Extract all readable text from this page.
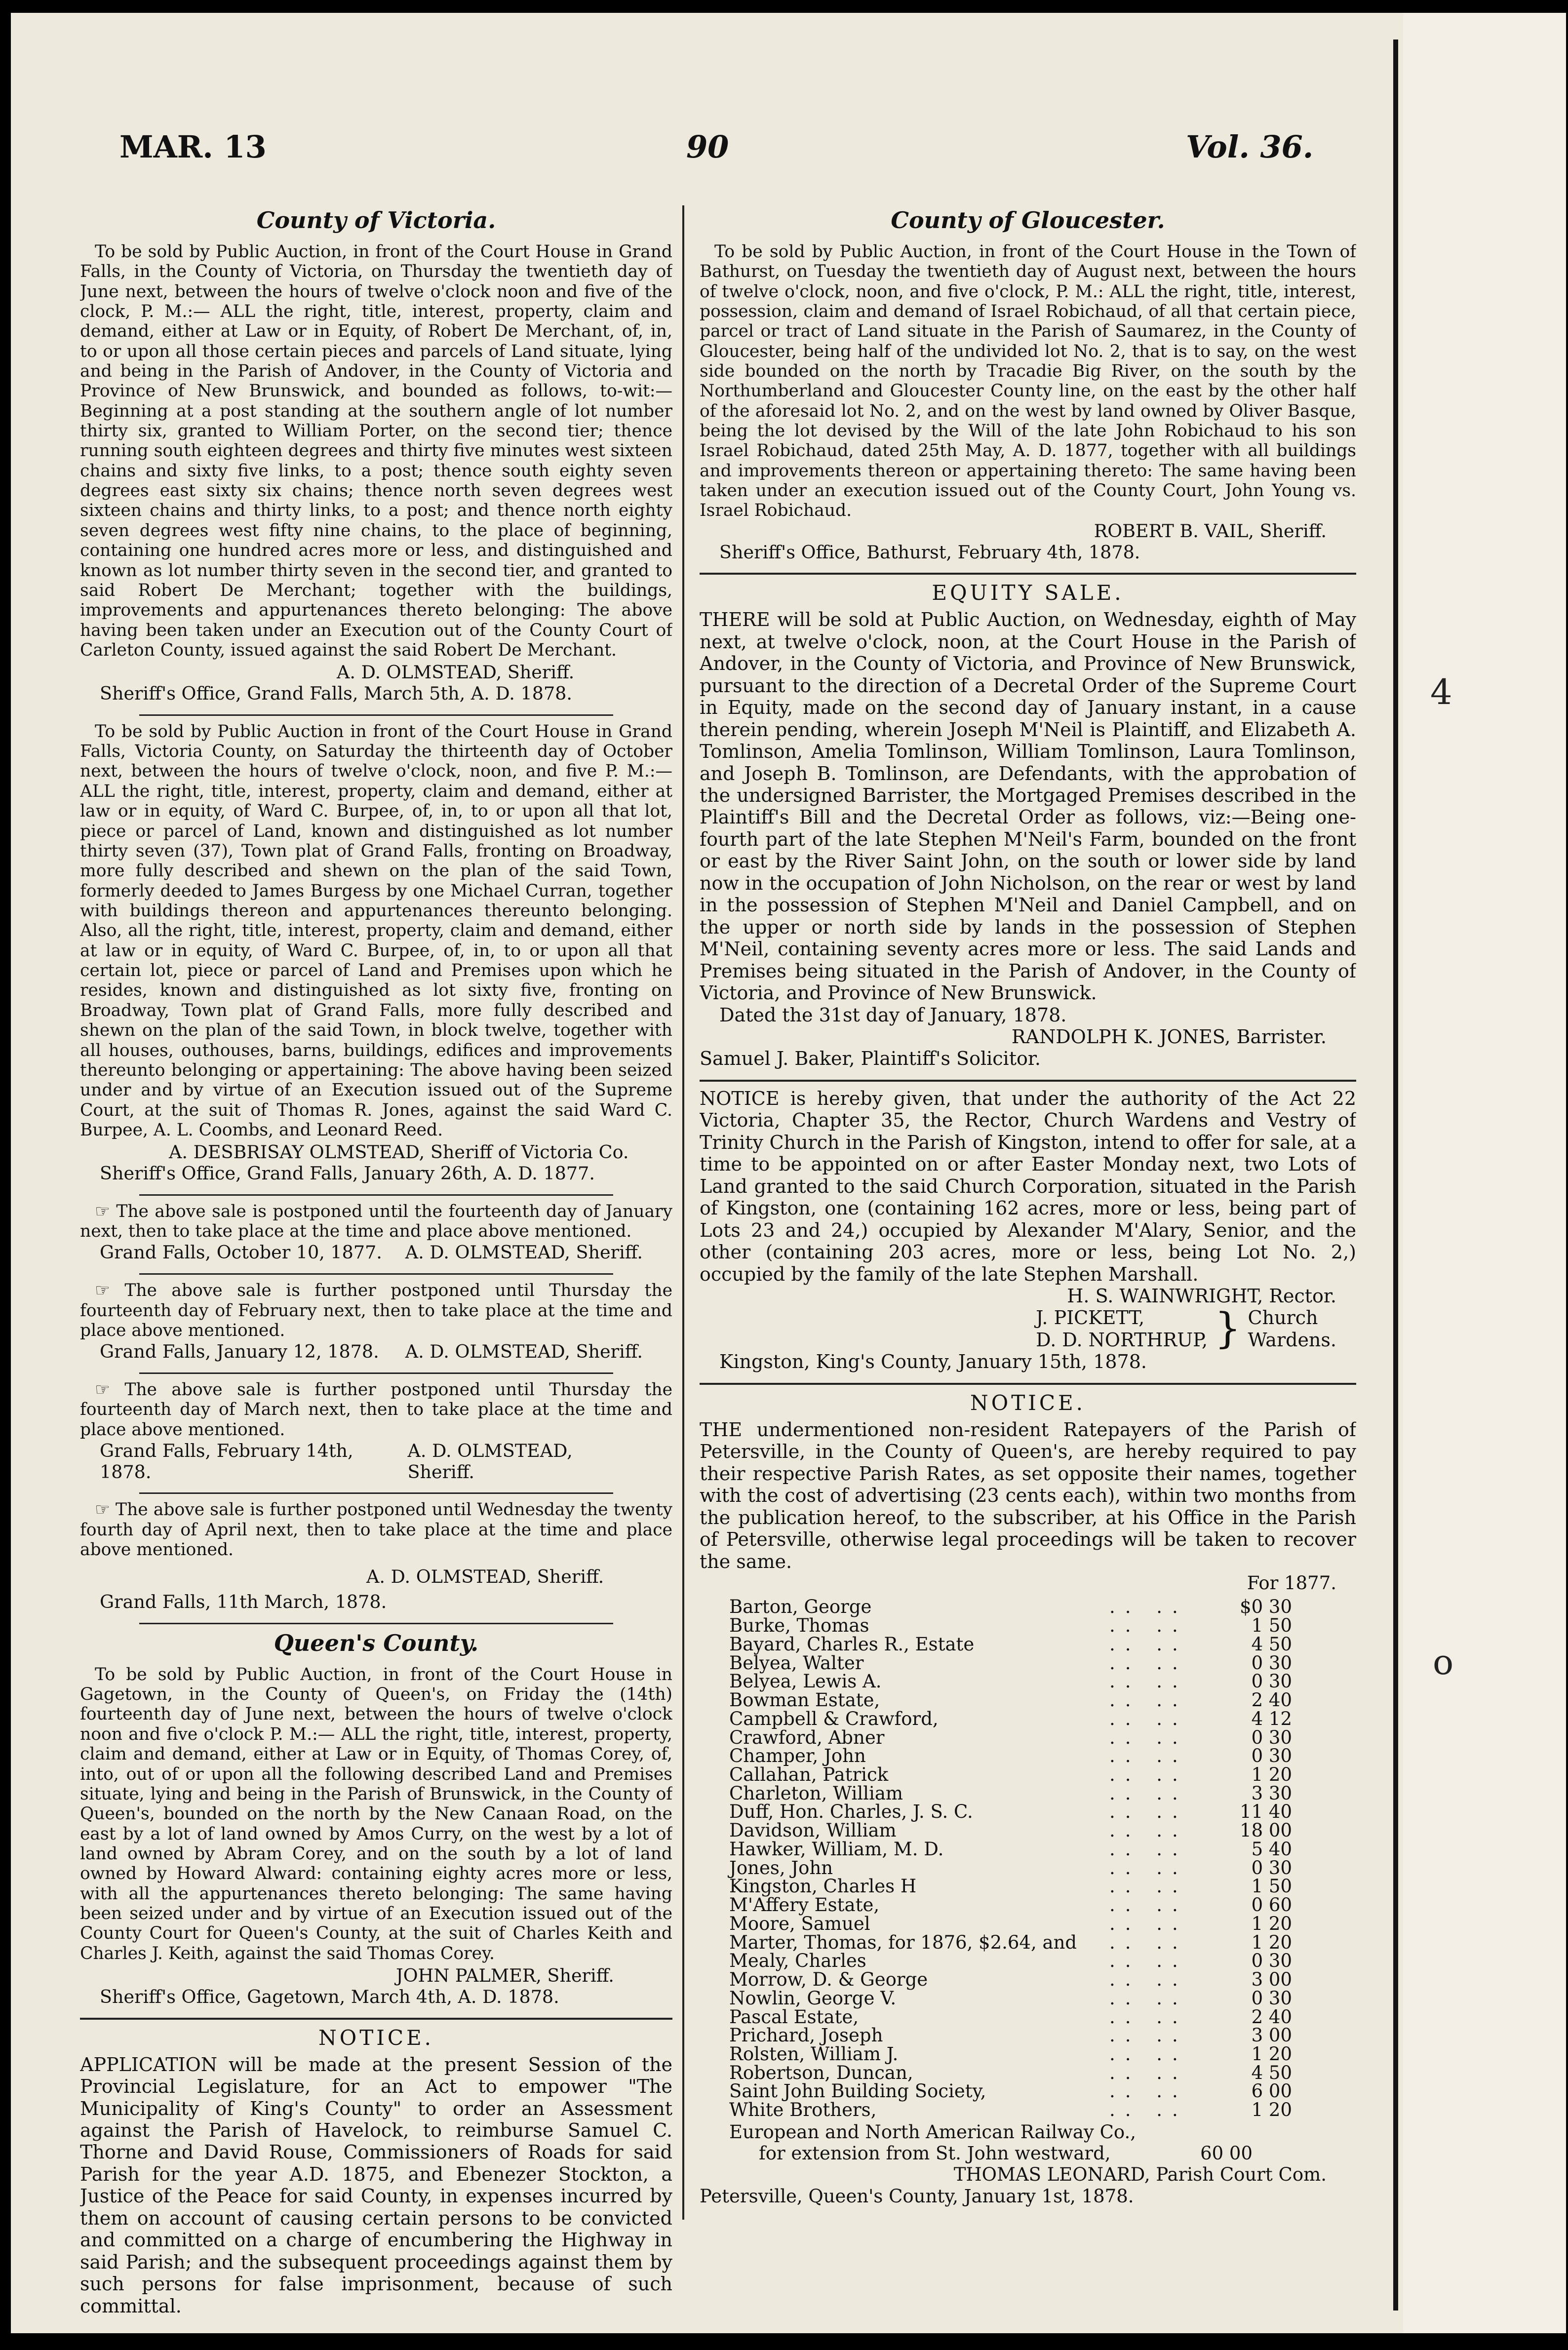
MAR. 13	90	Vol. 36.
County of Victoria.

To be sold by Public Auction, in front of the Court House in Grand Falls, in the County of Victoria, on Thursday the twentieth day of June next, between the hours of twelve o'clock noon and five of the clock, P. M.:— ALL the right, title, interest, property, claim and demand, either at Law or in Equity, of Robert De Merchant, of, in, to or upon all those certain pieces and parcels of Land situate, lying and being in the Parish of Andover, in the County of Victoria and Province of New Brunswick, and bounded as follows, to-wit:—Beginning at a post standing at the southern angle of lot number thirty six, granted to William Porter, on the second tier; thence running south eighteen degrees and thirty five minutes west sixteen chains and sixty five links, to a post; thence south eighty seven degrees east sixty six chains; thence north seven degrees west sixteen chains and thirty links, to a post; and thence north eighty seven degrees west fifty nine chains, to the place of beginning, containing one hundred acres more or less, and distinguished and known as lot number thirty seven in the second tier, and granted to said Robert De Merchant; together with the buildings, improvements and appurtenances thereto belonging: The above having been taken under an Execution out of the County Court of Carleton County, issued against the said Robert De Merchant.

A. D. OLMSTEAD, Sheriff.

Sheriff's Office, Grand Falls, March 5th, A. D. 1878.

To be sold by Public Auction in front of the Court House in Grand Falls, Victoria County, on Saturday the thirteenth day of October next, between the hours of twelve o'clock, noon, and five P. M.:— ALL the right, title, interest, property, claim and demand, either at law or in equity, of Ward C. Burpee, of, in, to or upon all that lot, piece or parcel of Land, known and distinguished as lot number thirty seven (37), Town plat of Grand Falls, fronting on Broadway, more fully described and shewn on the plan of the said Town, formerly deeded to James Burgess by one Michael Curran, together with buildings thereon and appurtenances thereunto belonging. Also, all the right, title, interest, property, claim and demand, either at law or in equity, of Ward C. Burpee, of, in, to or upon all that certain lot, piece or parcel of Land and Premises upon which he resides, known and distinguished as lot sixty five, fronting on Broadway, Town plat of Grand Falls, more fully described and shewn on the plan of the said Town, in block twelve, together with all houses, outhouses, barns, buildings, edifices and improvements thereunto belonging or appertaining: The above having been seized under and by virtue of an Execution issued out of the Supreme Court, at the suit of Thomas R. Jones, against the said Ward C. Burpee, A. L. Coombs, and Leonard Reed.

A. DESBRISAY OLMSTEAD, Sheriff of Victoria Co.

Sheriff's Office, Grand Falls, January 26th, A. D. 1877.

☞ The above sale is postponed until the fourteenth day of January next, then to take place at the time and place above mentioned.

Grand Falls, October 10, 1877. A. D. OLMSTEAD, Sheriff.

☞ The above sale is further postponed until Thursday the fourteenth day of February next, then to take place at the time and place above mentioned.

Grand Falls, January 12, 1878. A. D. OLMSTEAD, Sheriff.

☞ The above sale is further postponed until Thursday the fourteenth day of March next, then to take place at the time and place above mentioned.

Grand Falls, February 14th, 1878.
A. D. OLMSTEAD, Sheriff.

☞ The above sale is further postponed until Wednesday the twenty fourth day of April next, then to take place at the time and place above mentioned.

A. D. OLMSTEAD, Sheriff.

Grand Falls, 11th March, 1878.

Queen's County.

To be sold by Public Auction, in front of the Court House in Gagetown, in the County of Queen's, on Friday the (14th) fourteenth day of June next, between the hours of twelve o'clock noon and five o'clock P. M.:— ALL the right, title, interest, property, claim and demand, either at Law or in Equity, of Thomas Corey, of, into, out of or upon all the following described Land and Premises situate, lying and being in the Parish of Brunswick, in the County of Queen's, bounded on the north by the New Canaan Road, on the east by a lot of land owned by Amos Curry, on the west by a lot of land owned by Abram Corey, and on the south by a lot of land owned by Howard Alward: containing eighty acres more or less, with all the appurtenances thereto belonging: The same having been seized under and by virtue of an Execution issued out of the County Court for Queen's County, at the suit of Charles Keith and Charles J. Keith, against the said Thomas Corey.

JOHN PALMER, Sheriff.

Sheriff's Office, Gagetown, March 4th, A. D. 1878.

NOTICE.

APPLICATION will be made at the present Session of the Provincial Legislature, for an Act to empower "The Municipality of King's County" to order an Assessment against the Parish of Havelock, to reimburse Samuel C. Thorne and David Rouse, Commissioners of Roads for said Parish for the year A.D. 1875, and Ebenezer Stockton, a Justice of the Peace for said County, in expenses incurred by them on account of causing certain persons to be convicted and committed on a charge of encumbering the Highway in said Parish; and the subsequent proceedings against them by such persons for false imprisonment, because of such committal.

County of Gloucester.

To be sold by Public Auction, in front of the Court House in the Town of Bathurst, on Tuesday the twentieth day of August next, between the hours of twelve o'clock, noon, and five o'clock, P. M.: ALL the right, title, interest, possession, claim and demand of Israel Robichaud, of all that certain piece, parcel or tract of Land situate in the Parish of Saumarez, in the County of Gloucester, being half of the undivided lot No. 2, that is to say, on the west side bounded on the north by Tracadie Big River, on the south by the Northumberland and Gloucester County line, on the east by the other half of the aforesaid lot No. 2, and on the west by land owned by Oliver Basque, being the lot devised by the Will of the late John Robichaud to his son Israel Robichaud, dated 25th May, A. D. 1877, together with all buildings and improvements thereon or appertaining thereto: The same having been taken under an execution issued out of the County Court, John Young vs. Israel Robichaud.

ROBERT B. VAIL, Sheriff.

Sheriff's Office, Bathurst, February 4th, 1878.

EQUITY SALE.

THERE will be sold at Public Auction, on Wednesday, eighth of May next, at twelve o'clock, noon, at the Court House in the Parish of Andover, in the County of Victoria, and Province of New Brunswick, pursuant to the direction of a Decretal Order of the Supreme Court in Equity, made on the second day of January instant, in a cause therein pending, wherein Joseph M'Neil is Plaintiff, and Elizabeth A. Tomlinson, Amelia Tomlinson, William Tomlinson, Laura Tomlinson, and Joseph B. Tomlinson, are Defendants, with the approbation of the undersigned Barrister, the Mortgaged Premises described in the Plaintiff's Bill and the Decretal Order as follows, viz:—Being one-fourth part of the late Stephen M'Neil's Farm, bounded on the front or east by the River Saint John, on the south or lower side by land now in the occupation of John Nicholson, on the rear or west by land in the possession of Stephen M'Neil and Daniel Campbell, and on the upper or north side by lands in the possession of Stephen M'Neil, containing seventy acres more or less. The said Lands and Premises being situated in the Parish of Andover, in the County of Victoria, and Province of New Brunswick.

Dated the 31st day of January, 1878.

RANDOLPH K. JONES, Barrister.

Samuel J. Baker, Plaintiff's Solicitor.

NOTICE is hereby given, that under the authority of the Act 22 Victoria, Chapter 35, the Rector, Church Wardens and Vestry of Trinity Church in the Parish of Kingston, intend to offer for sale, at a time to be appointed on or after Easter Monday next, two Lots of Land granted to the said Church Corporation, situated in the Parish of Kingston, one (containing 162 acres, more or less, being part of Lots 23 and 24,) occupied by Alexander M'Alary, Senior, and the other (containing 203 acres, more or less, being Lot No. 2,) occupied by the family of the late Stephen Marshall.

H. S. WAINWRIGHT, Rector.

J. PICKETT,
D. D. NORTHRUP, } Church
Wardens.

Kingston, King's County, January 15th, 1878.

NOTICE.

THE undermentioned non-resident Ratepayers of the Parish of Petersville, in the County of Queen's, are hereby required to pay their respective Parish Rates, as set opposite their names, together with the cost of advertising (23 cents each), within two months from the publication hereof, to the subscriber, at his Office in the Parish of Petersville, otherwise legal proceedings will be taken to recover the same.

For 1877.

Barton, George	.. ..	$0 30
Burke, Thomas	.. ..	1 50
Bayard, Charles R., Estate	.. ..	4 50
Belyea, Walter	.. ..	0 30
Belyea, Lewis A.	.. ..	0 30
Bowman Estate,	.. ..	2 40
Campbell & Crawford,	.. ..	4 12
Crawford, Abner	.. ..	0 30
Champer, John	.. ..	0 30
Callahan, Patrick	.. ..	1 20
Charleton, William	.. ..	3 30
Duff, Hon. Charles, J. S. C.	.. ..	11 40
Davidson, William	.. ..	18 00
Hawker, William, M. D.	.. ..	5 40
Jones, John	.. ..	0 30
Kingston, Charles H	.. ..	1 50
M'Affery Estate,	.. ..	0 60
Moore, Samuel	.. ..	1 20
Marter, Thomas, for 1876, $2.64, and	.. ..	1 20
Mealy, Charles	.. ..	0 30
Morrow, D. & George	.. ..	3 00
Nowlin, George V.	.. ..	0 30
Pascal Estate,	.. ..	2 40
Prichard, Joseph	.. ..	3 00
Rolsten, William J.	.. ..	1 20
Robertson, Duncan,	.. ..	4 50
Saint John Building Society,	.. ..	6 00
White Brothers,	.. ..	1 20

European and North American Railway Co.,

for extension from St. John westward,	60 00

THOMAS LEONARD, Parish Court Com.

Petersville, Queen's County, January 1st, 1878.

4
o
